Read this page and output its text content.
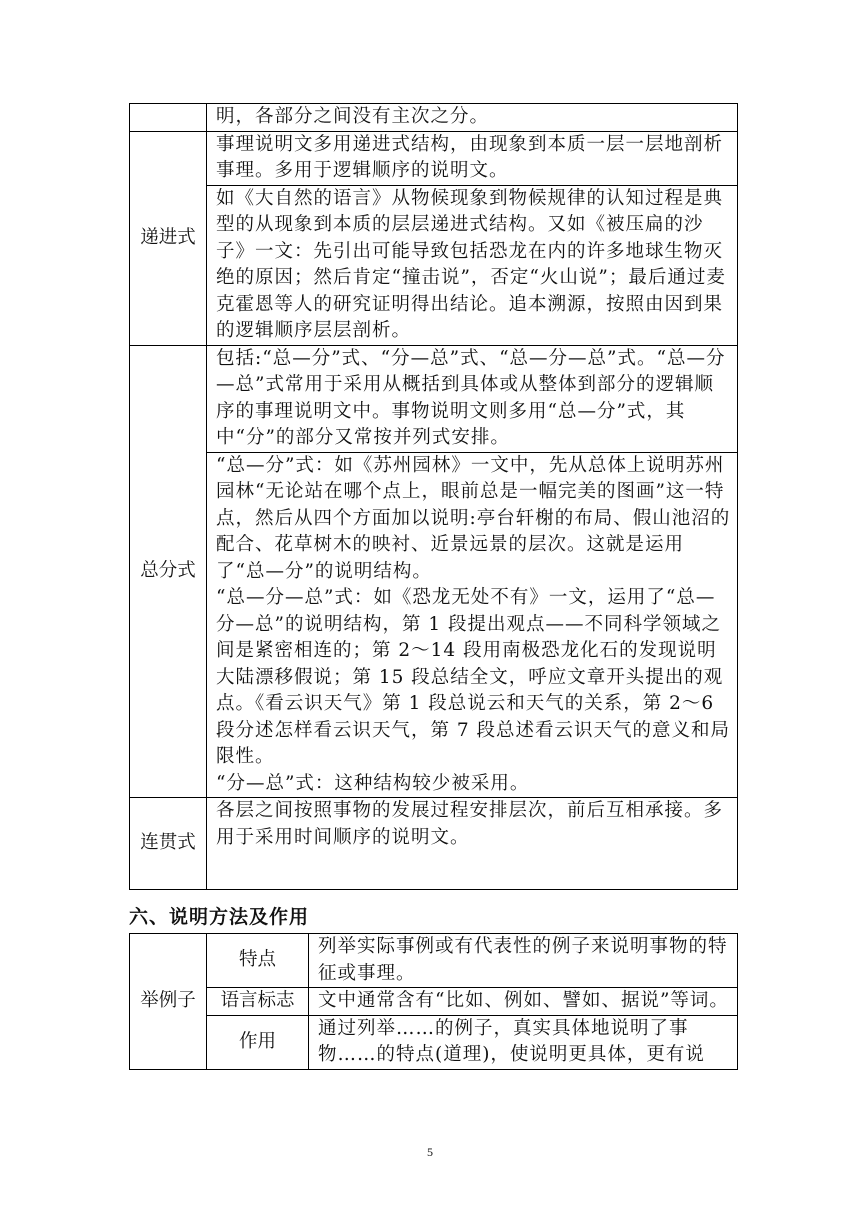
	明，各部分之间没有主次之分。
递进式	事理说明文多用递进式结构，由现象到本质一层一层地剖析事理。多用于逻辑顺序的说明文。
	如《大自然的语言》从物候现象到物候规律的认知过程是典型的从现象到本质的层层递进式结构。又如《被压扁的沙子》一文：先引出可能导致包括恐龙在内的许多地球生物灭绝的原因；然后肯定“撞击说”，否定“火山说”；最后通过麦克霍恩等人的研究证明得出结论。追本溯源，按照由因到果的逻辑顺序层层剖析。
总分式	包括:“总—分”式、“分—总”式、“总—分—总”式。“总—分—总”式常用于采用从概括到具体或从整体到部分的逻辑顺序的事理说明文中。事物说明文则多用“总—分”式，其中“分”的部分又常按并列式安排。

	“总—分”式：如《苏州园林》一文中，先从总体上说明苏州园林“无论站在哪个点上，眼前总是一幅完美的图画”这一特点，然后从四个方面加以说明:亭台轩榭的布局、假山池沼的配合、花草树木的映衬、近景远景的层次。这就是运用了“总—分”的说明结构。
“总—分—总”式：如《恐龙无处不有》一文，运用了“总—分—总”的说明结构，第 1 段提出观点——不同科学领域之间是紧密相连的；第 2～14 段用南极恐龙化石的发现说明大陆漂移假说；第 15 段总结全文，呼应文章开头提出的观点。《看云识天气》第 1 段总说云和天气的关系，第 2～6 段分述怎样看云识天气，第 7 段总述看云识天气的意义和局限性。
“分—总”式：这种结构较少被采用。

连贯式	各层之间按照事物的发展过程安排层次，前后互相承接。多用于采用时间顺序的说明文。
六、说明方法及作用
举例子	特点	列举实际事例或有代表性的例子来说明事物的特征或事理。
	语言标志	文中通常含有“比如、例如、譬如、据说”等词。
	作用	通过列举……的例子，真实具体地说明了事物……的特点(道理)，使说明更具体，更有说
5
